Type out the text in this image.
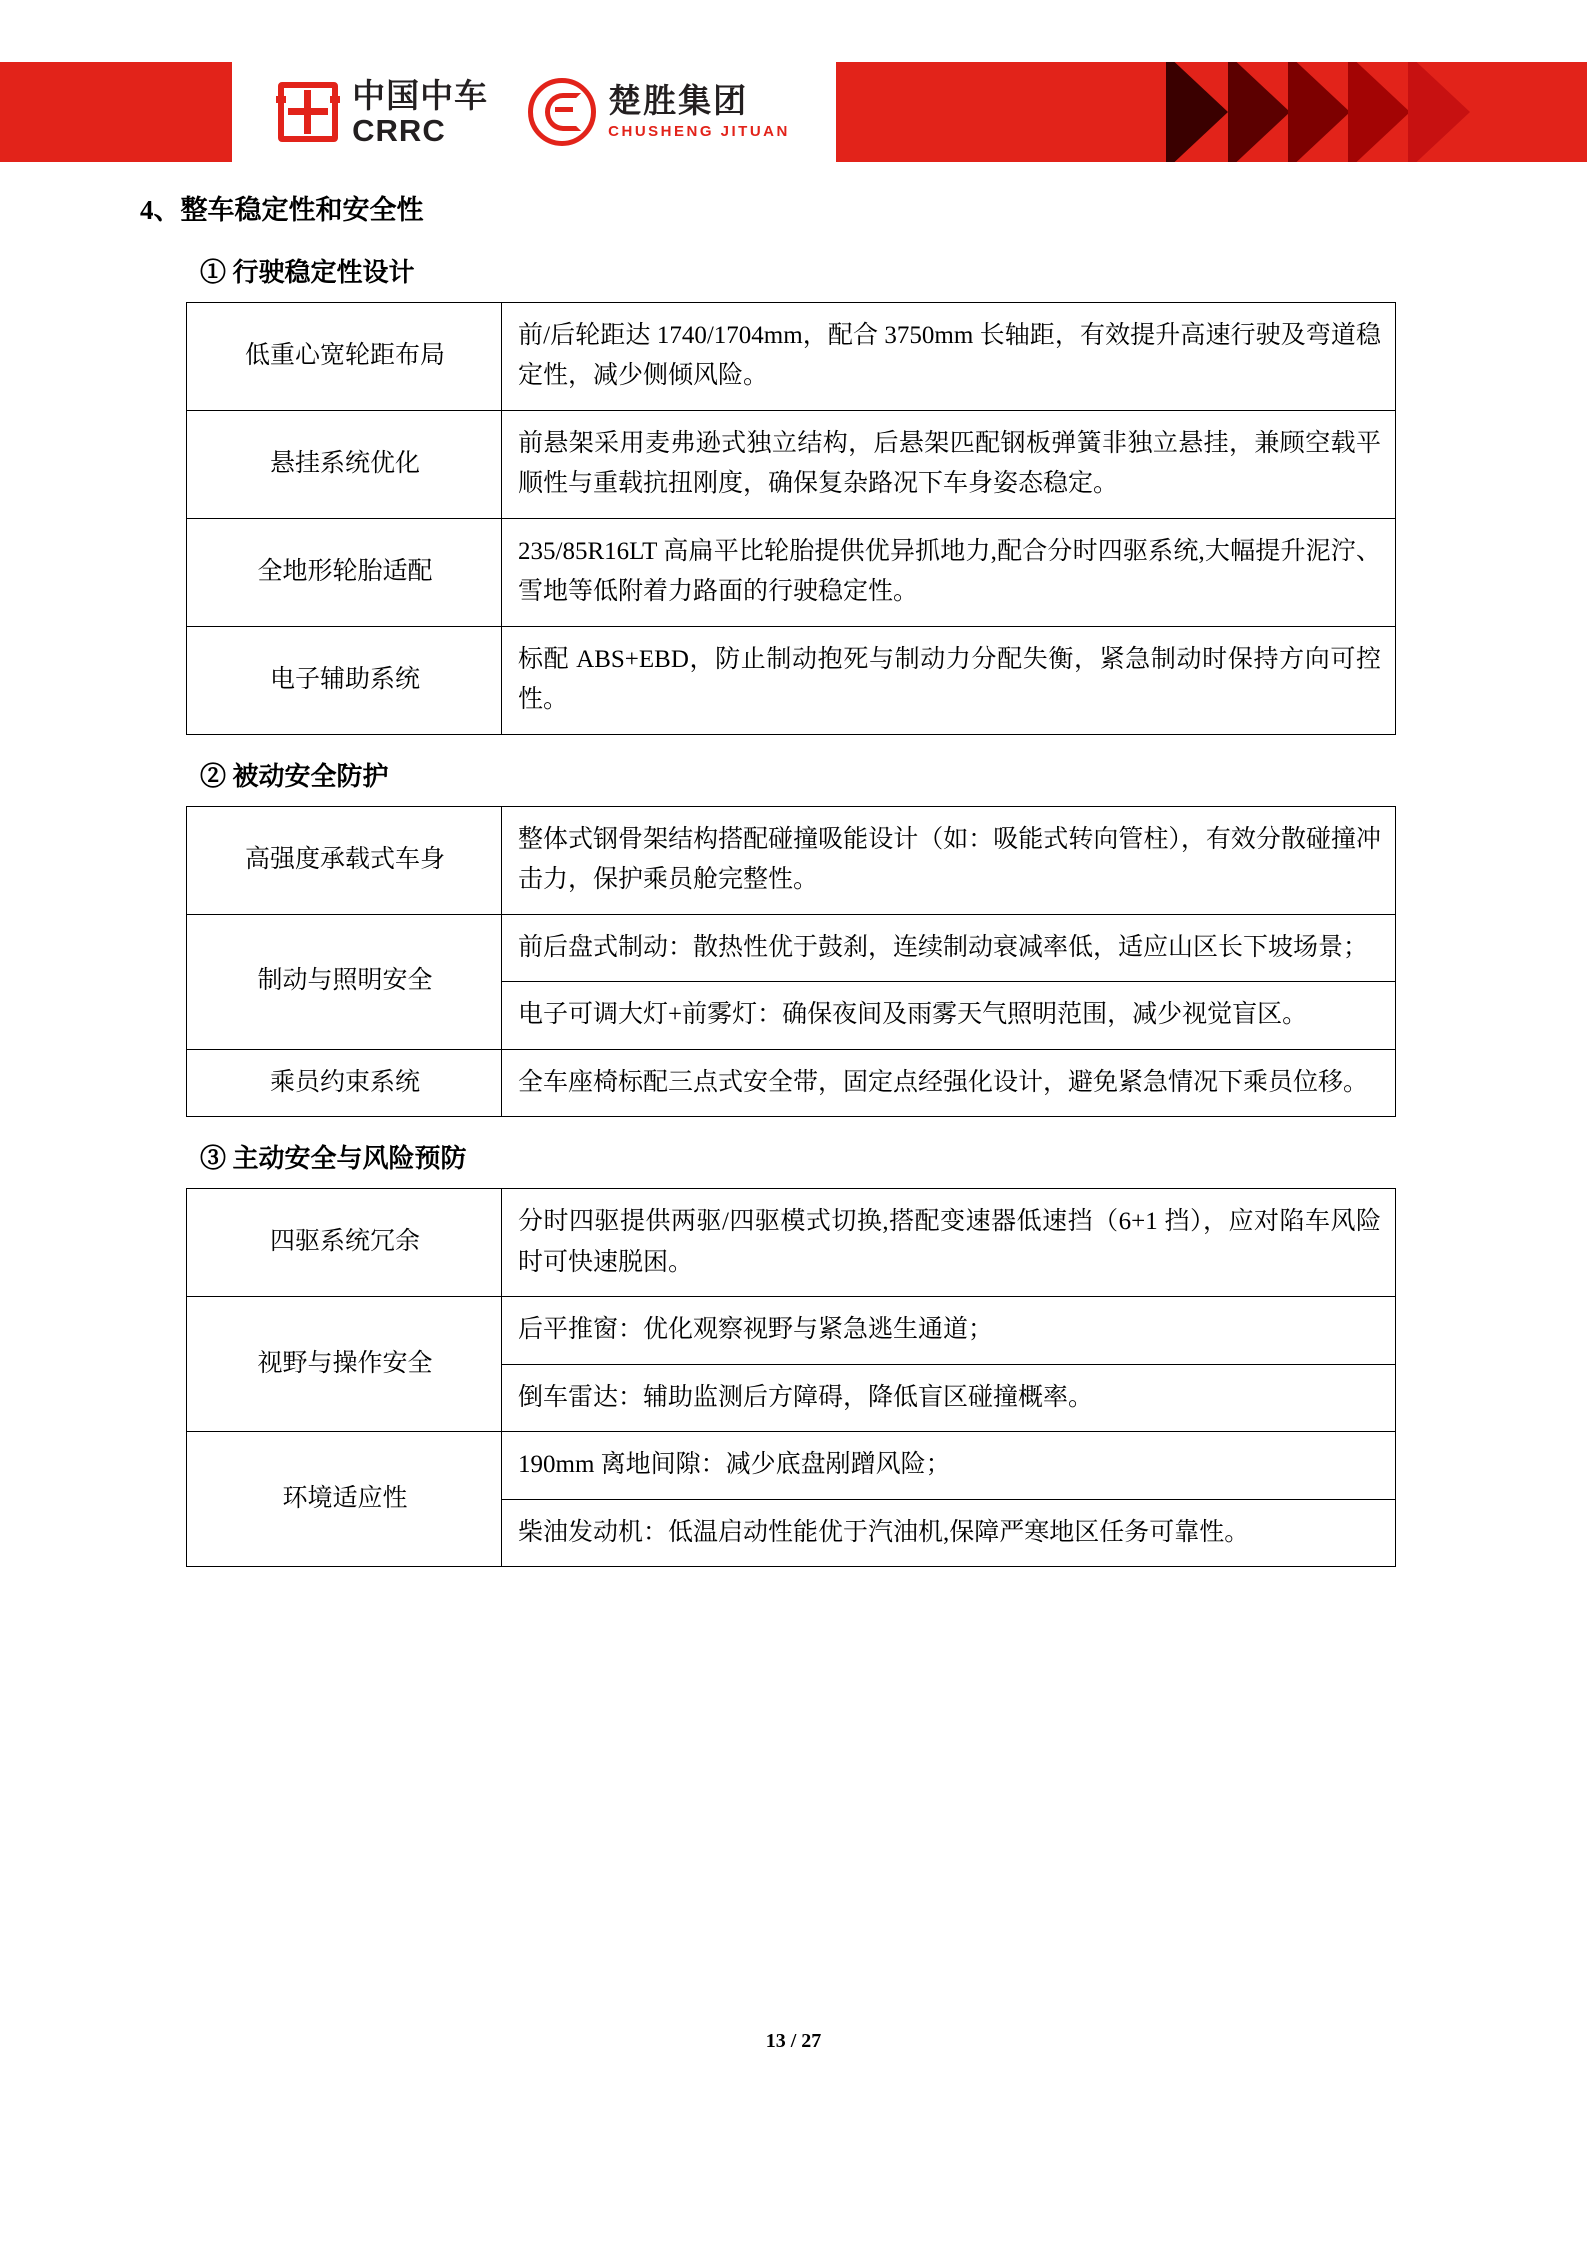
中国中车
CRRC
楚胜集团
CHUSHENG JITUAN
4、整车稳定性和安全性
① 行驶稳定性设计
低重心宽轮距布局	前/后轮距达 1740/1704mm，配合 3750mm 长轴距，有效提升高速行驶及弯道稳定性，减少侧倾风险。
悬挂系统优化	前悬架采用麦弗逊式独立结构，后悬架匹配钢板弹簧非独立悬挂，兼顾空载平顺性与重载抗扭刚度，确保复杂路况下车身姿态稳定。
全地形轮胎适配	235/85R16LT 高扁平比轮胎提供优异抓地力,配合分时四驱系统,大幅提升泥泞、雪地等低附着力路面的行驶稳定性。
电子辅助系统	标配 ABS+EBD，防止制动抱死与制动力分配失衡，紧急制动时保持方向可控性。
② 被动安全防护
高强度承载式车身	整体式钢骨架结构搭配碰撞吸能设计（如：吸能式转向管柱），有效分散碰撞冲击力，保护乘员舱完整性。
制动与照明安全	前后盘式制动：散热性优于鼓刹，连续制动衰减率低，适应山区长下坡场景；
	电子可调大灯+前雾灯：确保夜间及雨雾天气照明范围，减少视觉盲区。
乘员约束系统	全车座椅标配三点式安全带，固定点经强化设计，避免紧急情况下乘员位移。
③ 主动安全与风险预防
四驱系统冗余	分时四驱提供两驱/四驱模式切换,搭配变速器低速挡（6+1 挡），应对陷车风险时可快速脱困。
视野与操作安全	后平推窗：优化观察视野与紧急逃生通道；
	倒车雷达：辅助监测后方障碍，降低盲区碰撞概率。
环境适应性	190mm 离地间隙：减少底盘剐蹭风险；
	柴油发动机：低温启动性能优于汽油机,保障严寒地区任务可靠性。
13 / 27
